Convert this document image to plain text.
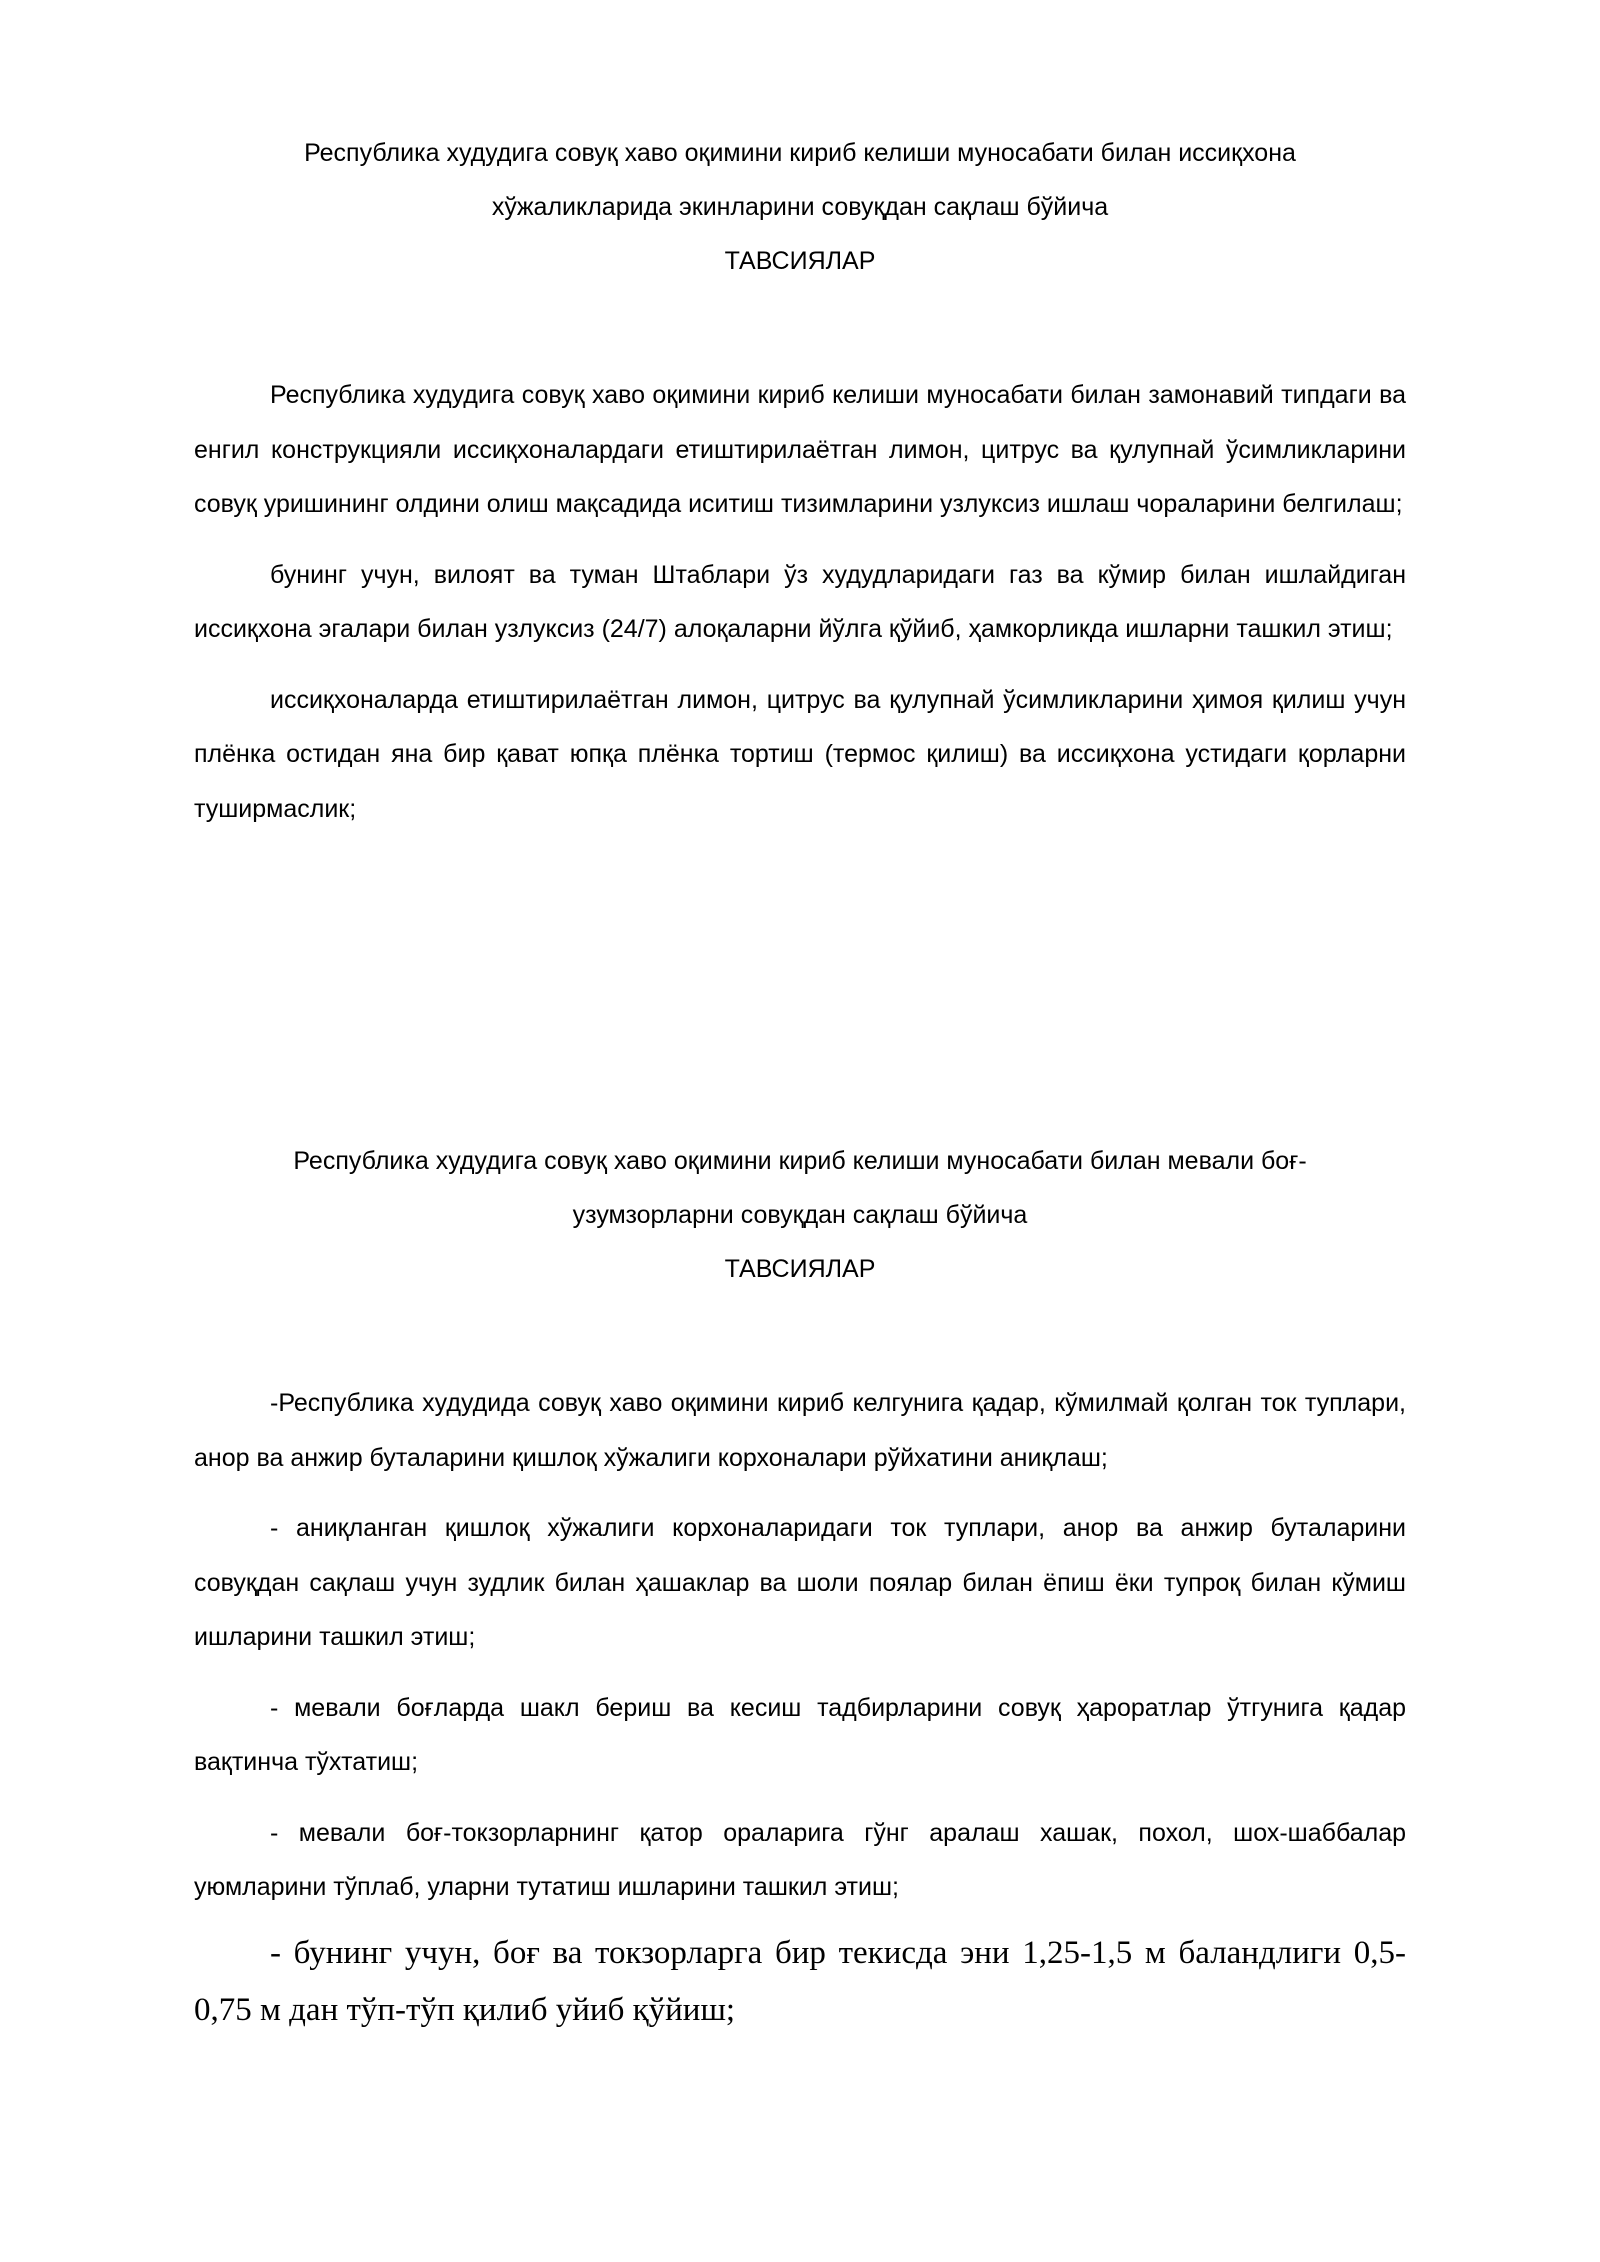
Республика худудига совуқ хаво оқимини кириб келиши муносабати билан иссиқхона

хўжаликларида экинларини совуқдан сақлаш бўйича

ТАВСИЯЛАР

Республика худудига совуқ хаво оқимини кириб келиши муносабати билан замонавий типдаги ва енгил конструкцияли иссиқхоналардаги етиштирилаётган лимон, цитрус ва қулупнай ўсимликларини совуқ уришининг олдини олиш мақсадида иситиш тизимларини узлуксиз ишлаш чораларини белгилаш;

бунинг учун, вилоят ва туман Штаблари ўз худудларидаги газ ва кўмир билан ишлайдиган иссиқхона эгалари билан узлуксиз (24/7) алоқаларни йўлга қўйиб, ҳамкорликда ишларни ташкил этиш;

иссиқхоналарда етиштирилаётган лимон, цитрус ва қулупнай ўсимликларини ҳимоя қилиш учун плёнка остидан яна бир қават юпқа плёнка тортиш (термос қилиш) ва иссиқхона устидаги қорларни туширмаслик;

Республика худудига совуқ хаво оқимини кириб келиши муносабати билан мевали боғ-

узумзорларни совуқдан сақлаш бўйича

ТАВСИЯЛАР

-Республика худудида совуқ хаво оқимини кириб келгунига қадар, кўмилмай қолган ток туплари, анор ва анжир буталарини қишлоқ хўжалиги корхоналари рўйхатини аниқлаш;

- аниқланган қишлоқ хўжалиги корхоналаридаги ток туплари, анор ва анжир буталарини совуқдан сақлаш учун зудлик билан ҳашаклар ва шоли поялар билан ёпиш ёки тупроқ билан кўмиш ишларини ташкил этиш;

- мевали боғларда шакл бериш ва кесиш тадбирларини совуқ ҳароратлар ўтгунига қадар вақтинча тўхтатиш;

- мевали боғ-токзорларнинг қатор ораларига гўнг аралаш хашак, похол, шох-шаббалар уюмларини тўплаб, уларни тутатиш ишларини ташкил этиш;

- бунинг учун, боғ ва токзорларга бир текисда эни 1,25-1,5 м баландлиги 0,5-0,75 м дан тўп-тўп қилиб уйиб қўйиш;
